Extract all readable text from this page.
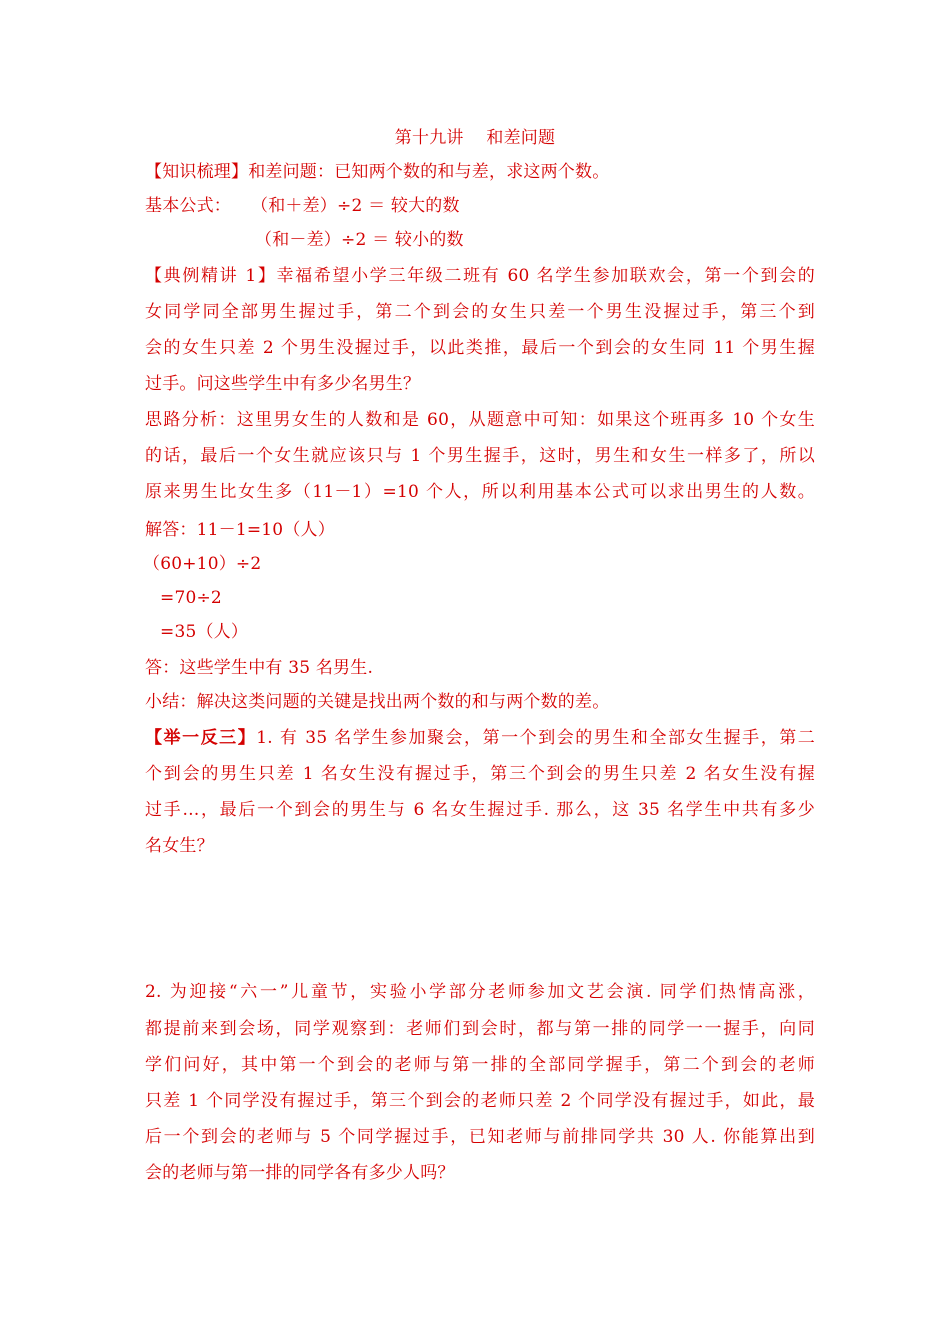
第十九讲　 和差问题
【知识梳理】和差问题：已知两个数的和与差，求这两个数。
基本公式： （和＋差）÷2 ＝ 较大的数
（和－差）÷2 ＝ 较小的数
【典例精讲 1】幸福希望小学三年级二班有 60 名学生参加联欢会，第一个到会的
女同学同全部男生握过手，第二个到会的女生只差一个男生没握过手，第三个到
会的女生只差 2 个男生没握过手，以此类推，最后一个到会的女生同 11 个男生握
过手。问这些学生中有多少名男生？
思路分析：这里男女生的人数和是 60，从题意中可知：如果这个班再多 10 个女生
的话，最后一个女生就应该只与 1 个男生握手，这时，男生和女生一样多了，所以
原来男生比女生多（11－1）=10 个人，所以利用基本公式可以求出男生的人数。
解答：11－1=10（人）
（60+10）÷2
=70÷2
=35（人）
答：这些学生中有 35 名男生.
小结：解决这类问题的关键是找出两个数的和与两个数的差。
【举一反三】1. 有 35 名学生参加聚会，第一个到会的男生和全部女生握手，第二
个到会的男生只差 1 名女生没有握过手，第三个到会的男生只差 2 名女生没有握
过手…，最后一个到会的男生与 6 名女生握过手. 那么，这 35 名学生中共有多少
名女生？
2. 为迎接“六一”儿童节，实验小学部分老师参加文艺会演. 同学们热情高涨，
都提前来到会场，同学观察到：老师们到会时，都与第一排的同学一一握手，向同
学们问好，其中第一个到会的老师与第一排的全部同学握手，第二个到会的老师
只差 1 个同学没有握过手，第三个到会的老师只差 2 个同学没有握过手，如此，最
后一个到会的老师与 5 个同学握过手，已知老师与前排同学共 30 人. 你能算出到
会的老师与第一排的同学各有多少人吗？
